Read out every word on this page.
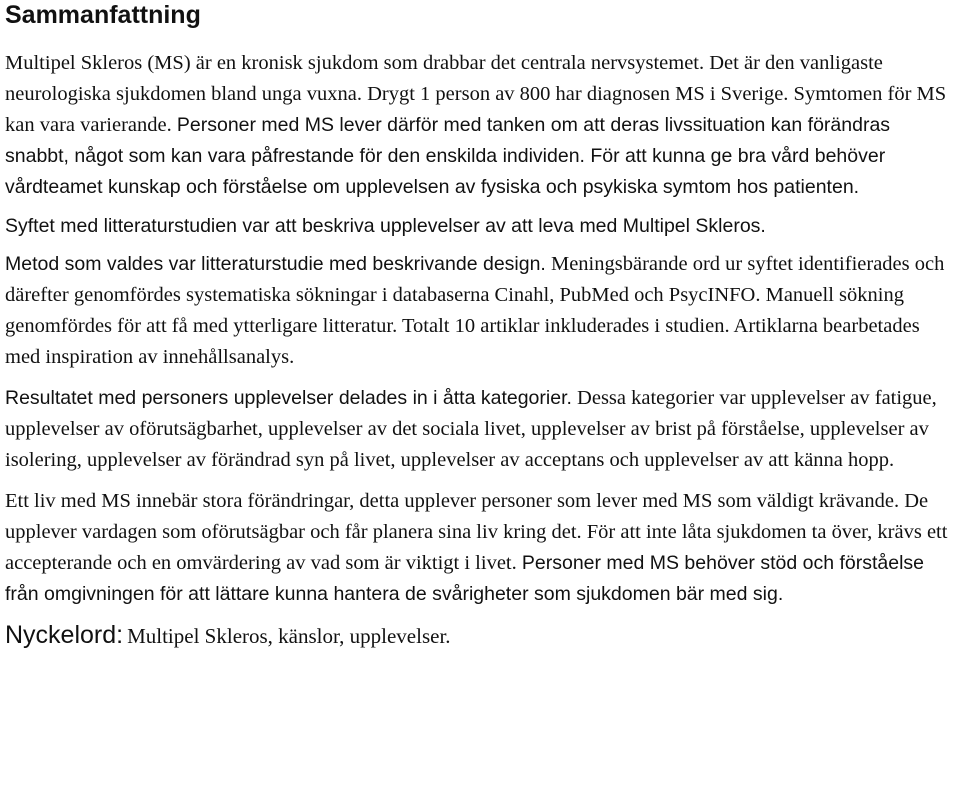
Sammanfattning

Multipel Skleros (MS) är en kronisk sjukdom som drabbar det centrala nervsystemet. Det är den vanligaste neurologiska sjukdomen bland unga vuxna. Drygt 1 person av 800 har diagnosen MS i Sverige. Symtomen för MS kan vara varierande. Personer med MS lever därför med tanken om att deras livssituation kan förändras snabbt, något som kan vara påfrestande för den enskilda individen. För att kunna ge bra vård behöver vårdteamet kunskap och förståelse om upplevelsen av fysiska och psykiska symtom hos patienten.

Syftet med litteraturstudien var att beskriva upplevelser av att leva med Multipel Skleros.

Metod som valdes var litteraturstudie med beskrivande design. Meningsbärande ord ur syftet identifierades och därefter genomfördes systematiska sökningar i databaserna Cinahl, PubMed och PsycINFO. Manuell sökning genomfördes för att få med ytterligare litteratur. Totalt 10 artiklar inkluderades i studien. Artiklarna bearbetades med inspiration av innehållsanalys.

Resultatet med personers upplevelser delades in i åtta kategorier. Dessa kategorier var upplevelser av fatigue, upplevelser av oförutsägbarhet, upplevelser av det sociala livet, upplevelser av brist på förståelse, upplevelser av isolering, upplevelser av förändrad syn på livet, upplevelser av acceptans och upplevelser av att känna hopp.

Ett liv med MS innebär stora förändringar, detta upplever personer som lever med MS som väldigt krävande. De upplever vardagen som oförutsägbar och får planera sina liv kring det. För att inte låta sjukdomen ta över, krävs ett accepterande och en omvärdering av vad som är viktigt i livet. Personer med MS behöver stöd och förståelse från omgivningen för att lättare kunna hantera de svårigheter som sjukdomen bär med sig.

Nyckelord: Multipel Skleros, känslor, upplevelser.
